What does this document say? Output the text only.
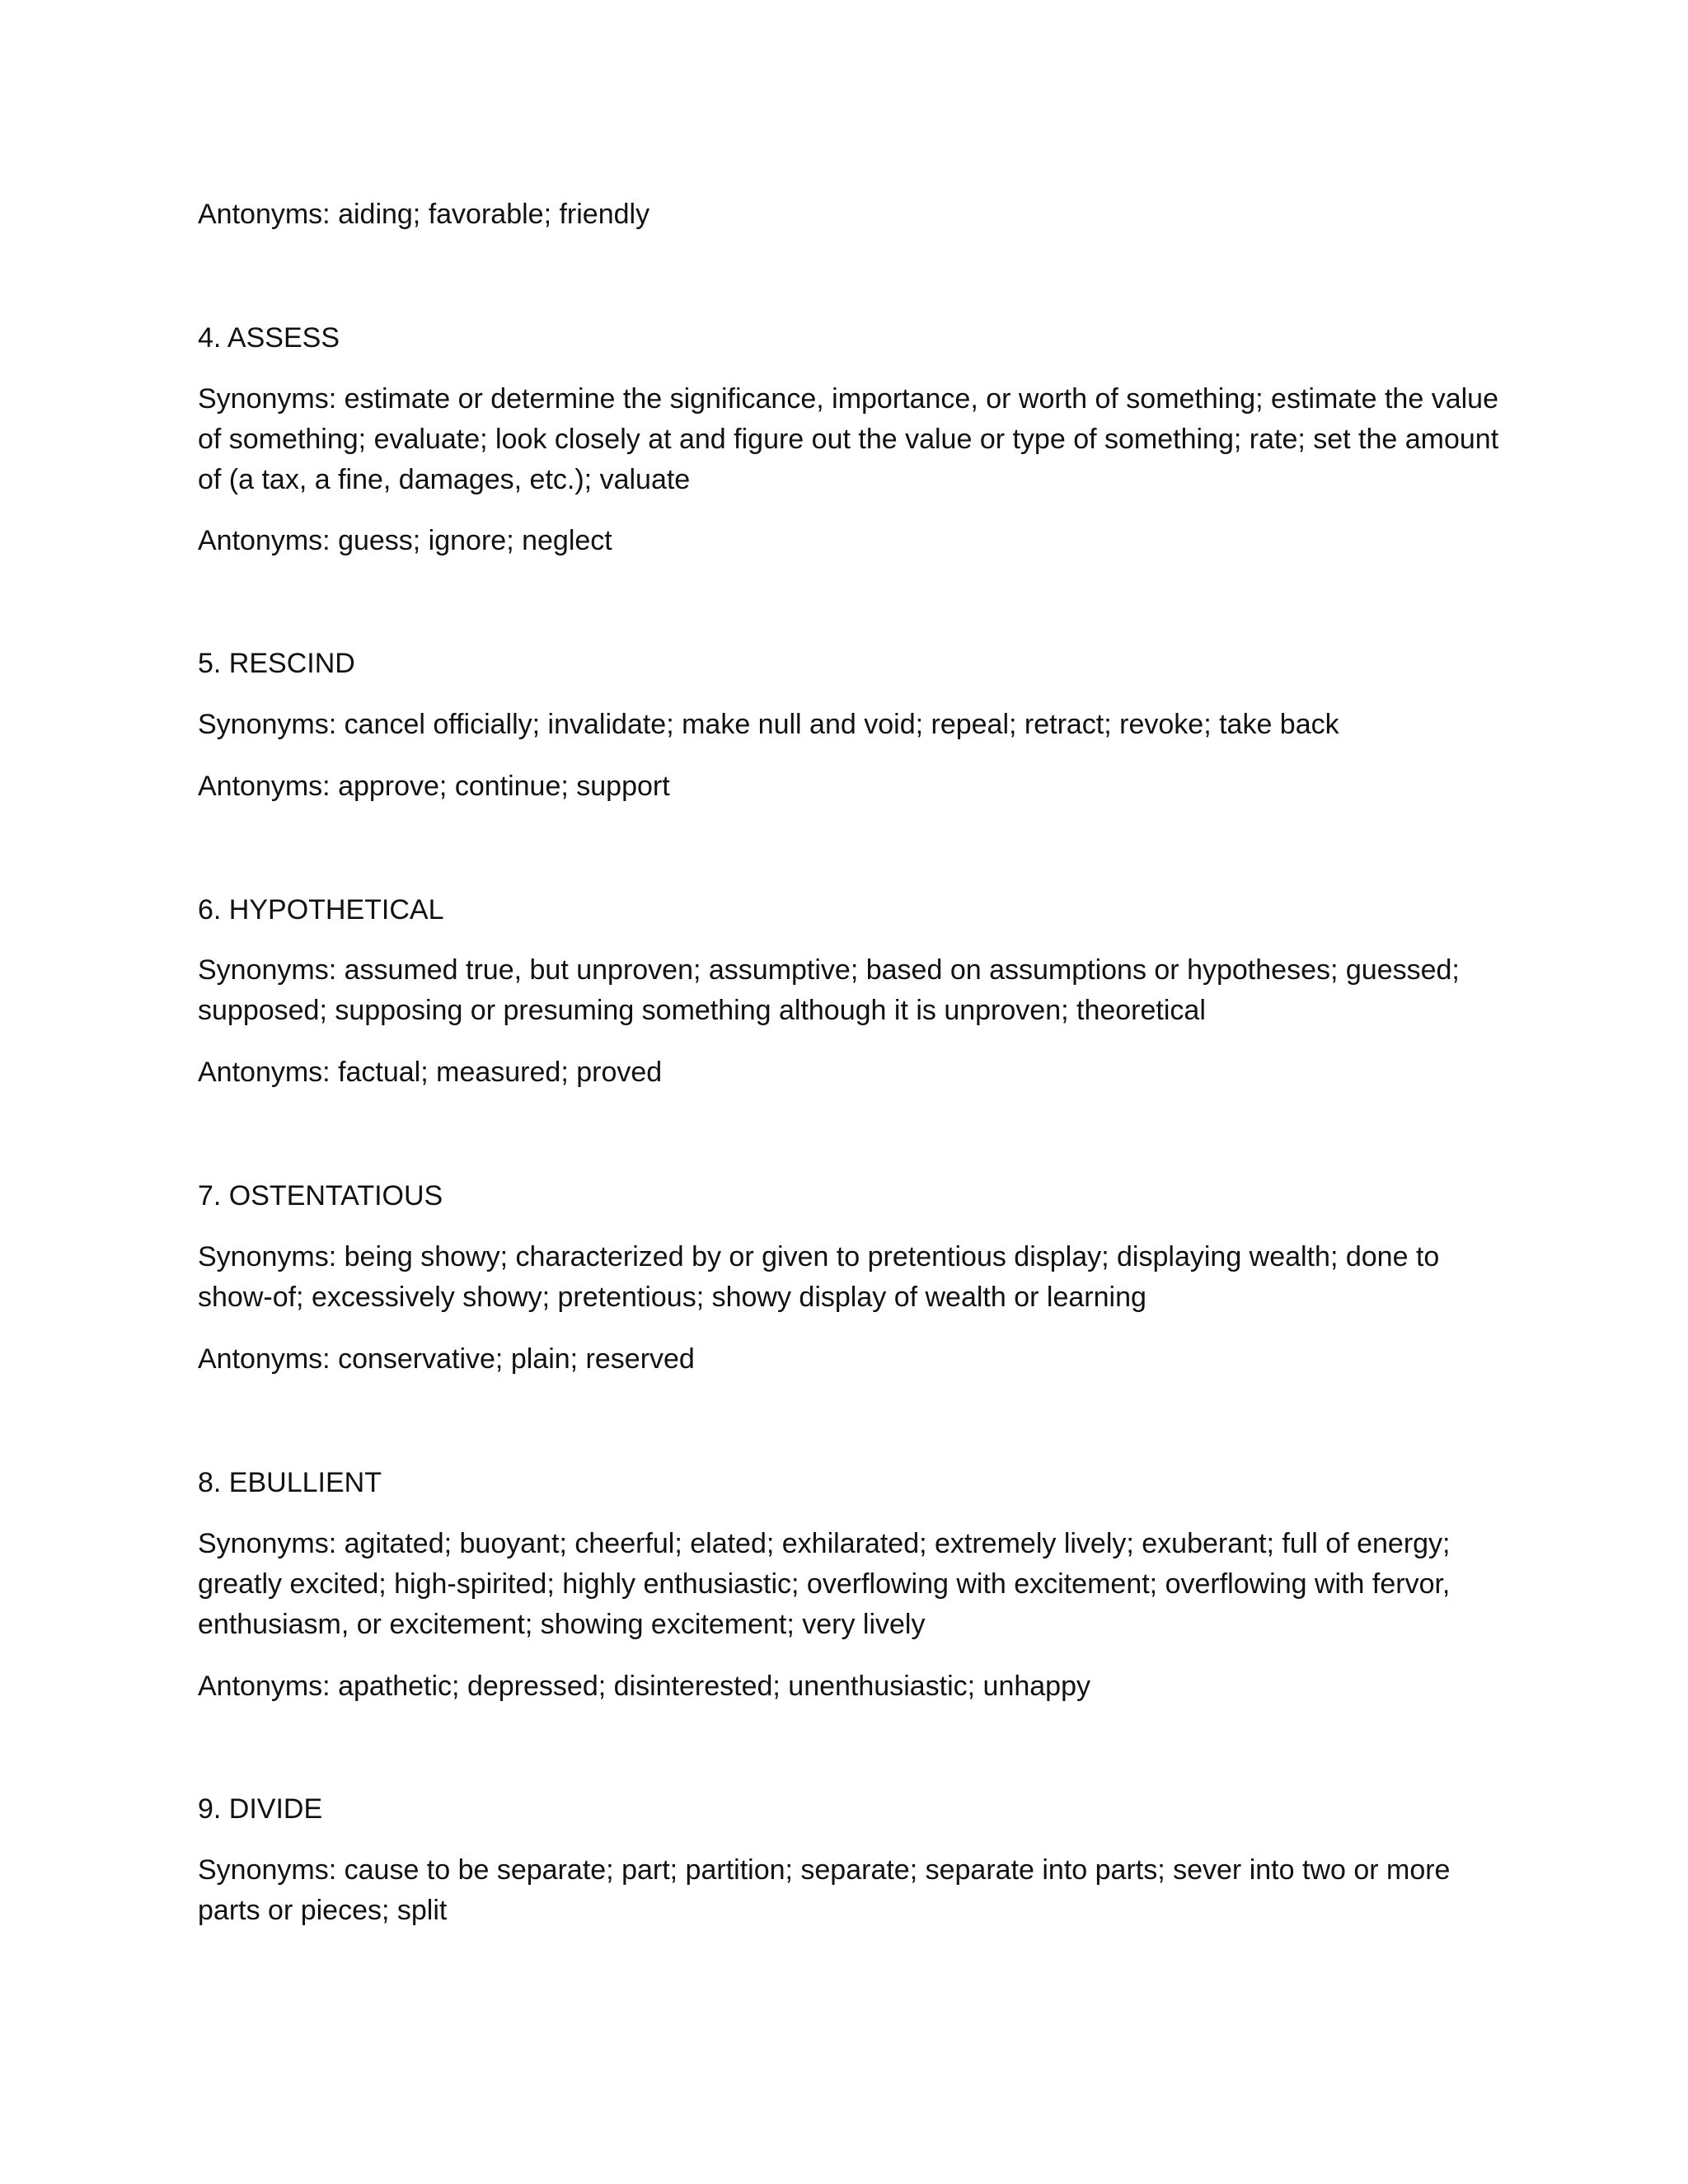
Antonyms: aiding; favorable; friendly

4. ASSESS

Synonyms: estimate or determine the significance, importance, or worth of something; estimate the value of something; evaluate; look closely at and figure out the value or type of something; rate; set the amount of (a tax, a fine, damages, etc.); valuate

Antonyms: guess; ignore; neglect

5. RESCIND

Synonyms: cancel officially; invalidate; make null and void; repeal; retract; revoke; take back

Antonyms: approve; continue; support

6. HYPOTHETICAL

Synonyms: assumed true, but unproven; assumptive; based on assumptions or hypotheses; guessed; supposed; supposing or presuming something although it is unproven; theoretical

Antonyms: factual; measured; proved

7. OSTENTATIOUS

Synonyms: being showy; characterized by or given to pretentious display; displaying wealth; done to show-of; excessively showy; pretentious; showy display of wealth or learning

Antonyms: conservative; plain; reserved

8. EBULLIENT

Synonyms: agitated; buoyant; cheerful; elated; exhilarated; extremely lively; exuberant; full of energy; greatly excited; high-spirited; highly enthusiastic; overflowing with excitement; overflowing with fervor, enthusiasm, or excitement; showing excitement; very lively

Antonyms: apathetic; depressed; disinterested; unenthusiastic; unhappy

9. DIVIDE

Synonyms: cause to be separate; part; partition; separate; separate into parts; sever into two or more parts or pieces; split
